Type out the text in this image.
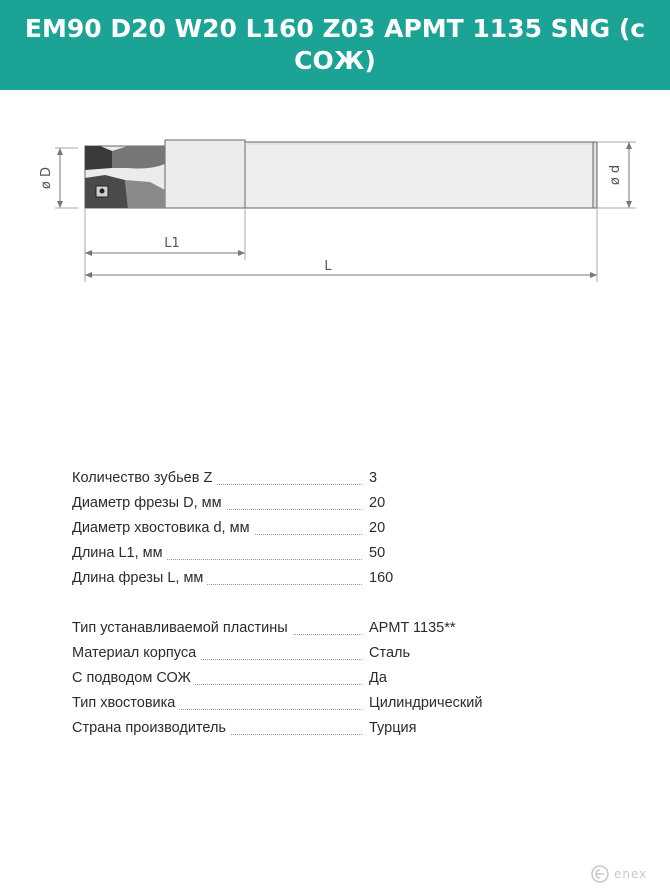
EM90 D20 W20 L160 Z03 APMT 1135 SNG (с СОЖ)
ø D	ø d
L1
L
Количество зубьев Z	3
Диаметр фрезы D, мм	20
Диаметр хвостовика d, мм	20
Длина L1, мм	50
Длина фрезы L, мм	160
Тип устанавливаемой пластины	APMT 1135**
Материал корпуса	Сталь
С подводом СОЖ	Да
Тип хвостовика	Цилиндрический
Страна производитель	Турция
enex
